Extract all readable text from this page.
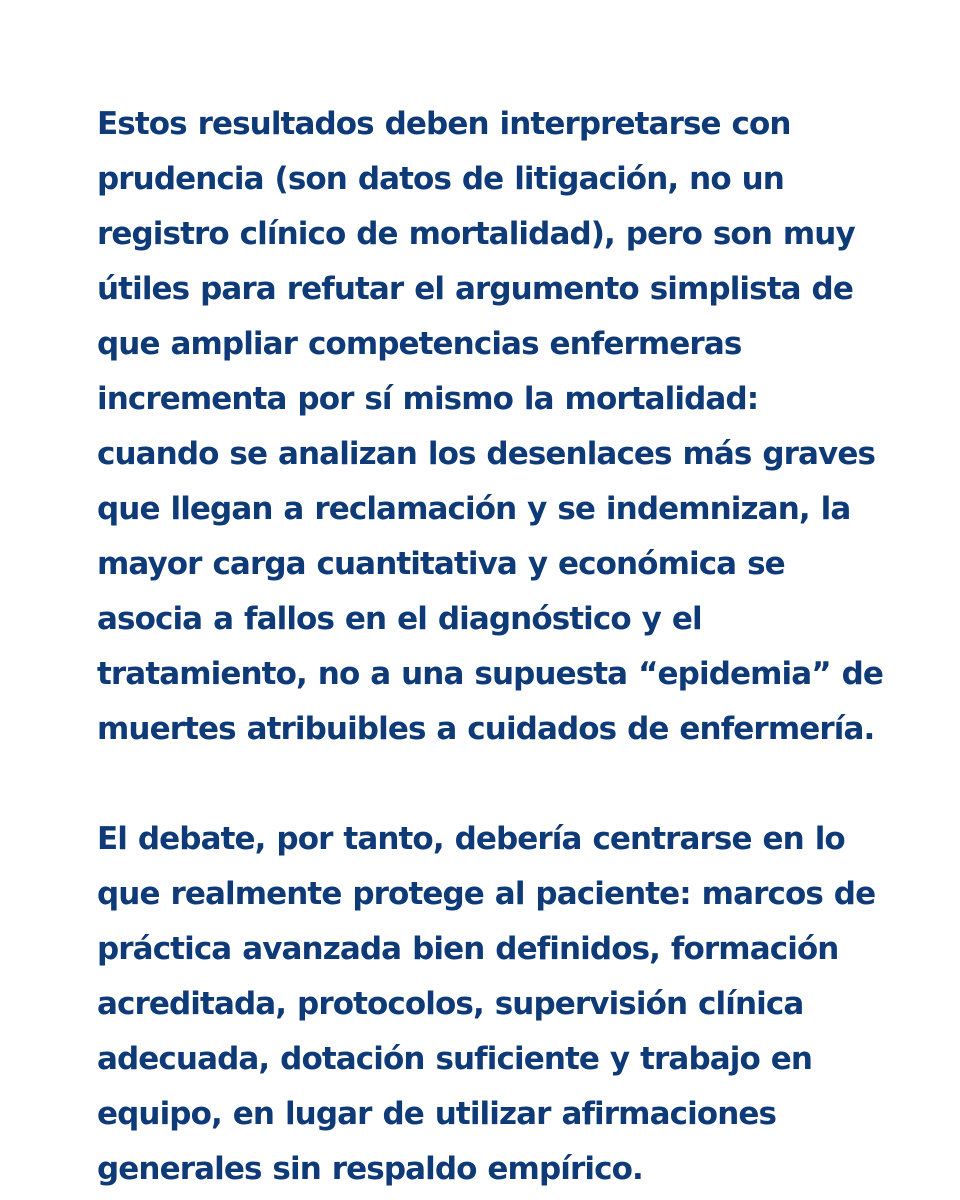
Estos resultados deben interpretarse con prudencia (son datos de litigación, no un registro clínico de mortalidad), pero son muy útiles para refutar el argumento simplista de que ampliar competencias enfermeras incrementa por sí mismo la mortalidad: cuando se analizan los desenlaces más graves que llegan a reclamación y se indemnizan, la mayor carga cuantitativa y económica se asocia a fallos en el diagnóstico y el tratamiento, no a una supuesta “epidemia” de muertes atribuibles a cuidados de enfermería.

El debate, por tanto, debería centrarse en lo que realmente protege al paciente: marcos de práctica avanzada bien definidos, formación acreditada, protocolos, supervisión clínica adecuada, dotación suficiente y trabajo en equipo, en lugar de utilizar afirmaciones generales sin respaldo empírico.
